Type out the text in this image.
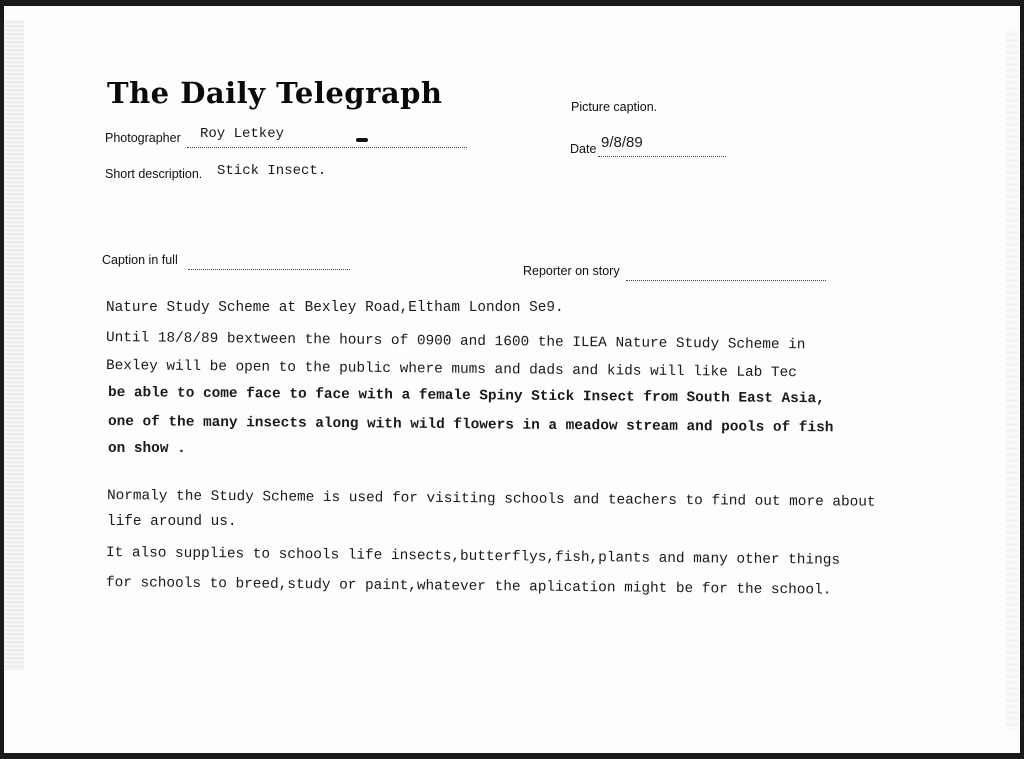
The Daily Telegraph
Photographer Roy Letkey
Picture caption.
Date 9/8/89
Short description. Stick Insect.
Caption in full
Reporter on story
Nature Study Scheme at Bexley Road,Eltham London Se9.
Until 18/8/89 bextween the hours of 0900 and 1600 the ILEA Nature Study Scheme in
Bexley will be open to the public where mums and dads and kids will like Lab Tec
be able to come face to face with a female Spiny Stick Insect from South East Asia,
one of the many insects along with wild flowers in a meadow stream and pools of fish
on show .
Normaly the Study Scheme is used for visiting schools and teachers to find out more about
life around us.
It also supplies to schools life insects,butterflys,fish,plants and many other things
for schools to breed,study or paint,whatever the aplication might be for the school.
